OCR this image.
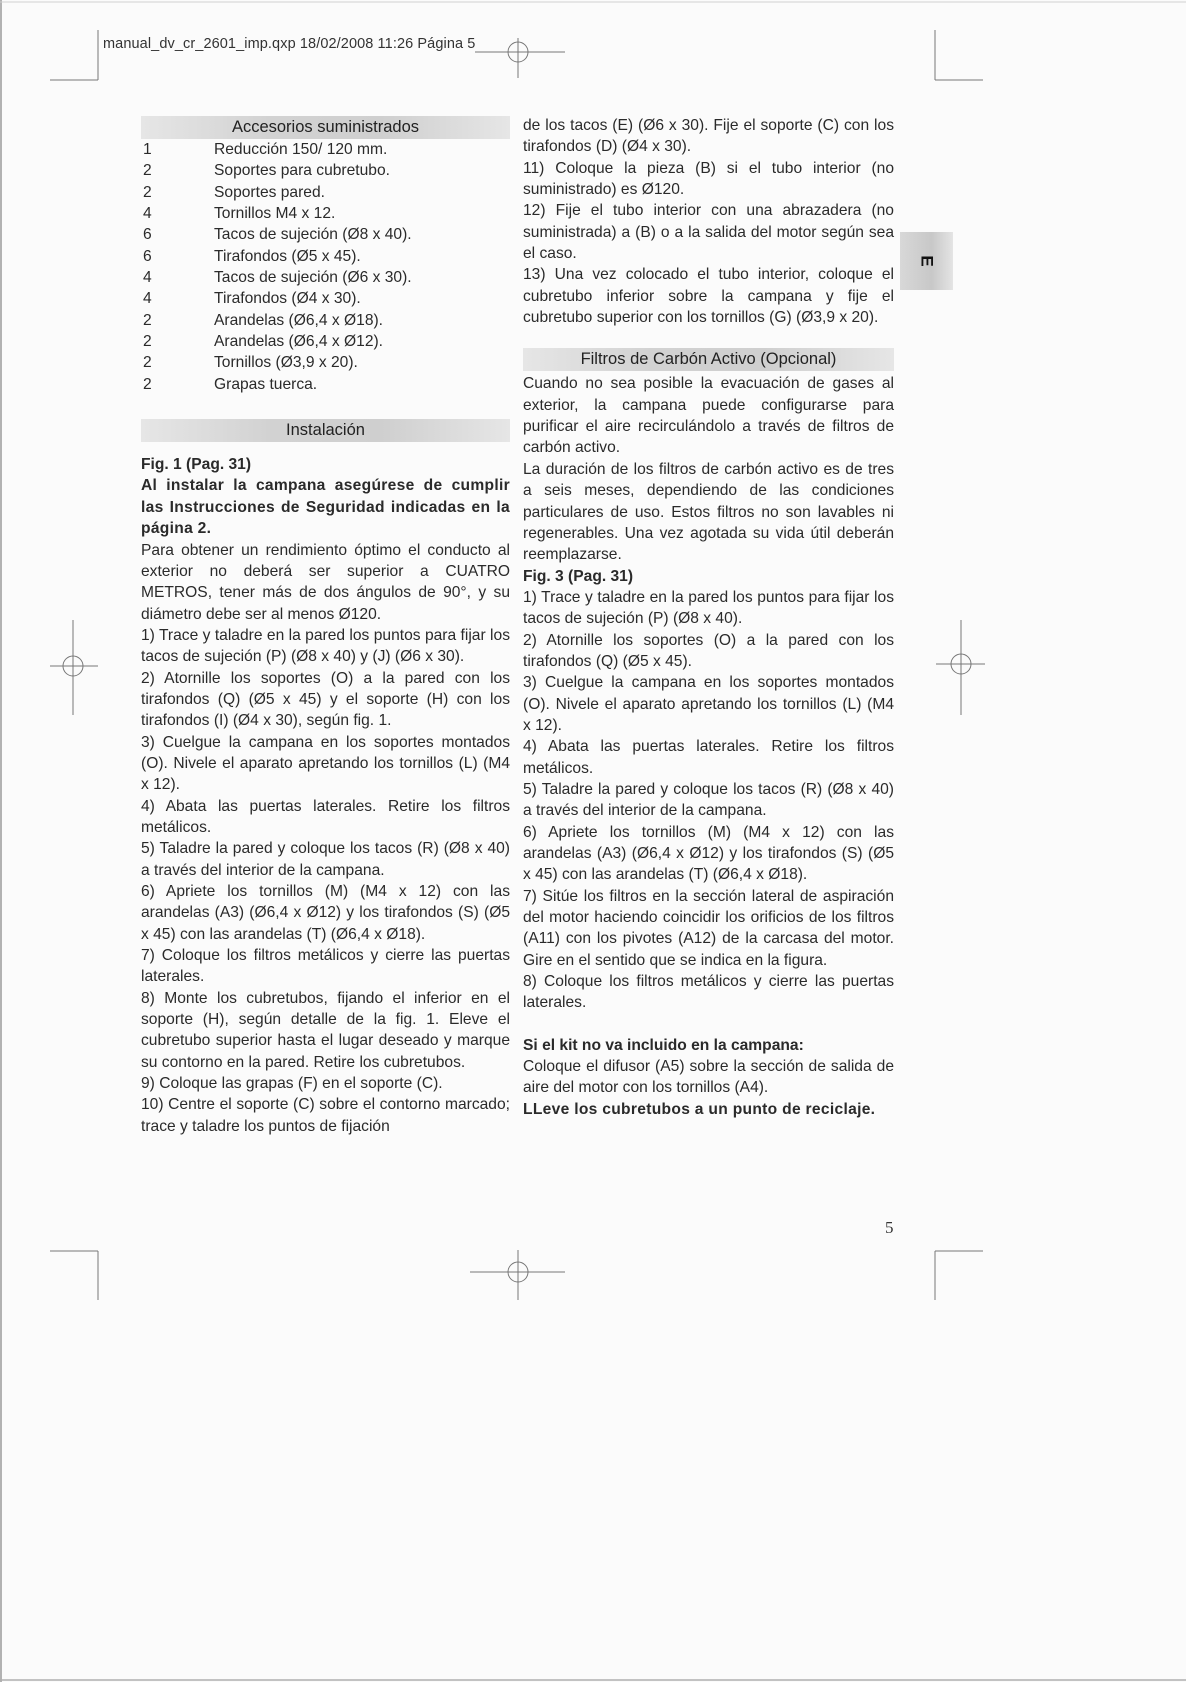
manual_dv_cr_2601_imp.qxp 18/02/2008 11:26 Página 5
E
Accesorios suministrados
1	Reducción 150/ 120 mm.
2	Soportes para cubretubo.
2	Soportes pared.
4	Tornillos M4 x 12.
6	Tacos de sujeción (Ø8 x 40).
6	Tirafondos (Ø5 x 45).
4	Tacos de sujeción (Ø6 x 30).
4	Tirafondos (Ø4 x 30).
2	Arandelas (Ø6,4 x Ø18).
2	Arandelas (Ø6,4 x Ø12).
2	Tornillos (Ø3,9 x 20).
2	Grapas tuerca.
Instalación

Fig. 1 (Pag. 31)

Al instalar la campana asegúrese de cumplir las Instrucciones de Seguridad indicadas en la página 2.

Para obtener un rendimiento óptimo el conducto al exterior no deberá ser superior a CUATRO METROS, tener más de dos ángulos de 90°, y su diámetro debe ser al menos Ø120.

1) Trace y taladre en la pared los puntos para fijar los tacos de sujeción (P) (Ø8 x 40) y (J) (Ø6 x 30).

2) Atornille los soportes (O) a la pared con los tirafondos (Q) (Ø5 x 45) y el soporte (H) con los tirafondos (I) (Ø4 x 30), según fig. 1.

3) Cuelgue la campana en los soportes montados (O). Nivele el aparato apretando los tornillos (L) (M4 x 12).

4) Abata las puertas laterales. Retire los filtros metálicos.

5) Taladre la pared y coloque los tacos (R) (Ø8 x 40) a través del interior de la campana.

6) Apriete los tornillos (M) (M4 x 12) con las arandelas (A3) (Ø6,4 x Ø12) y los tirafondos (S) (Ø5 x 45) con las arandelas (T) (Ø6,4 x Ø18).

7) Coloque los filtros metálicos y cierre las puertas laterales.

8) Monte los cubretubos, fijando el inferior en el soporte (H), según detalle de la fig. 1. Eleve el cubretubo superior hasta el lugar deseado y marque su contorno en la pared. Retire los cubretubos.

9) Coloque las grapas (F) en el soporte (C).

10) Centre el soporte (C) sobre el contorno marcado; trace y taladre los puntos de fijación

de los tacos (E) (Ø6 x 30). Fije el soporte (C) con los tirafondos (D) (Ø4 x 30).

11) Coloque la pieza (B) si el tubo interior (no suministrado) es Ø120.

12) Fije el tubo interior con una abrazadera (no suministrada) a (B) o a la salida del motor según sea el caso.

13) Una vez colocado el tubo interior, coloque el cubretubo inferior sobre la campana y fije el cubretubo superior con los tornillos (G) (Ø3,9 x 20).

Filtros de Carbón Activo (Opcional)

Cuando no sea posible la evacuación de gases al exterior, la campana puede configurarse para purificar el aire recirculándolo a través de filtros de carbón activo.

La duración de los filtros de carbón activo es de tres a seis meses, dependiendo de las condiciones particulares de uso. Estos filtros no son lavables ni regenerables. Una vez agotada su vida útil deberán reemplazarse.

Fig. 3 (Pag. 31)

1) Trace y taladre en la pared los puntos para fijar los tacos de sujeción (P) (Ø8 x 40).

2) Atornille los soportes (O) a la pared con los tirafondos (Q) (Ø5 x 45).

3) Cuelgue la campana en los soportes montados (O). Nivele el aparato apretando los tornillos (L) (M4 x 12).

4) Abata las puertas laterales. Retire los filtros metálicos.

5) Taladre la pared y coloque los tacos (R) (Ø8 x 40) a través del interior de la campana.

6) Apriete los tornillos (M) (M4 x 12) con las arandelas (A3) (Ø6,4 x Ø12) y los tirafondos (S) (Ø5 x 45) con las arandelas (T) (Ø6,4 x Ø18).

7) Sitúe los filtros en la sección lateral de aspiración del motor haciendo coincidir los orificios de los filtros (A11) con los pivotes (A12) de la carcasa del motor. Gire en el sentido que se indica en la figura.

8) Coloque los filtros metálicos y cierre las puertas laterales.

Si el kit no va incluido en la campana:

Coloque el difusor (A5) sobre la sección de salida de aire del motor con los tornillos (A4).

LLeve los cubretubos a un punto de reciclaje.

5
